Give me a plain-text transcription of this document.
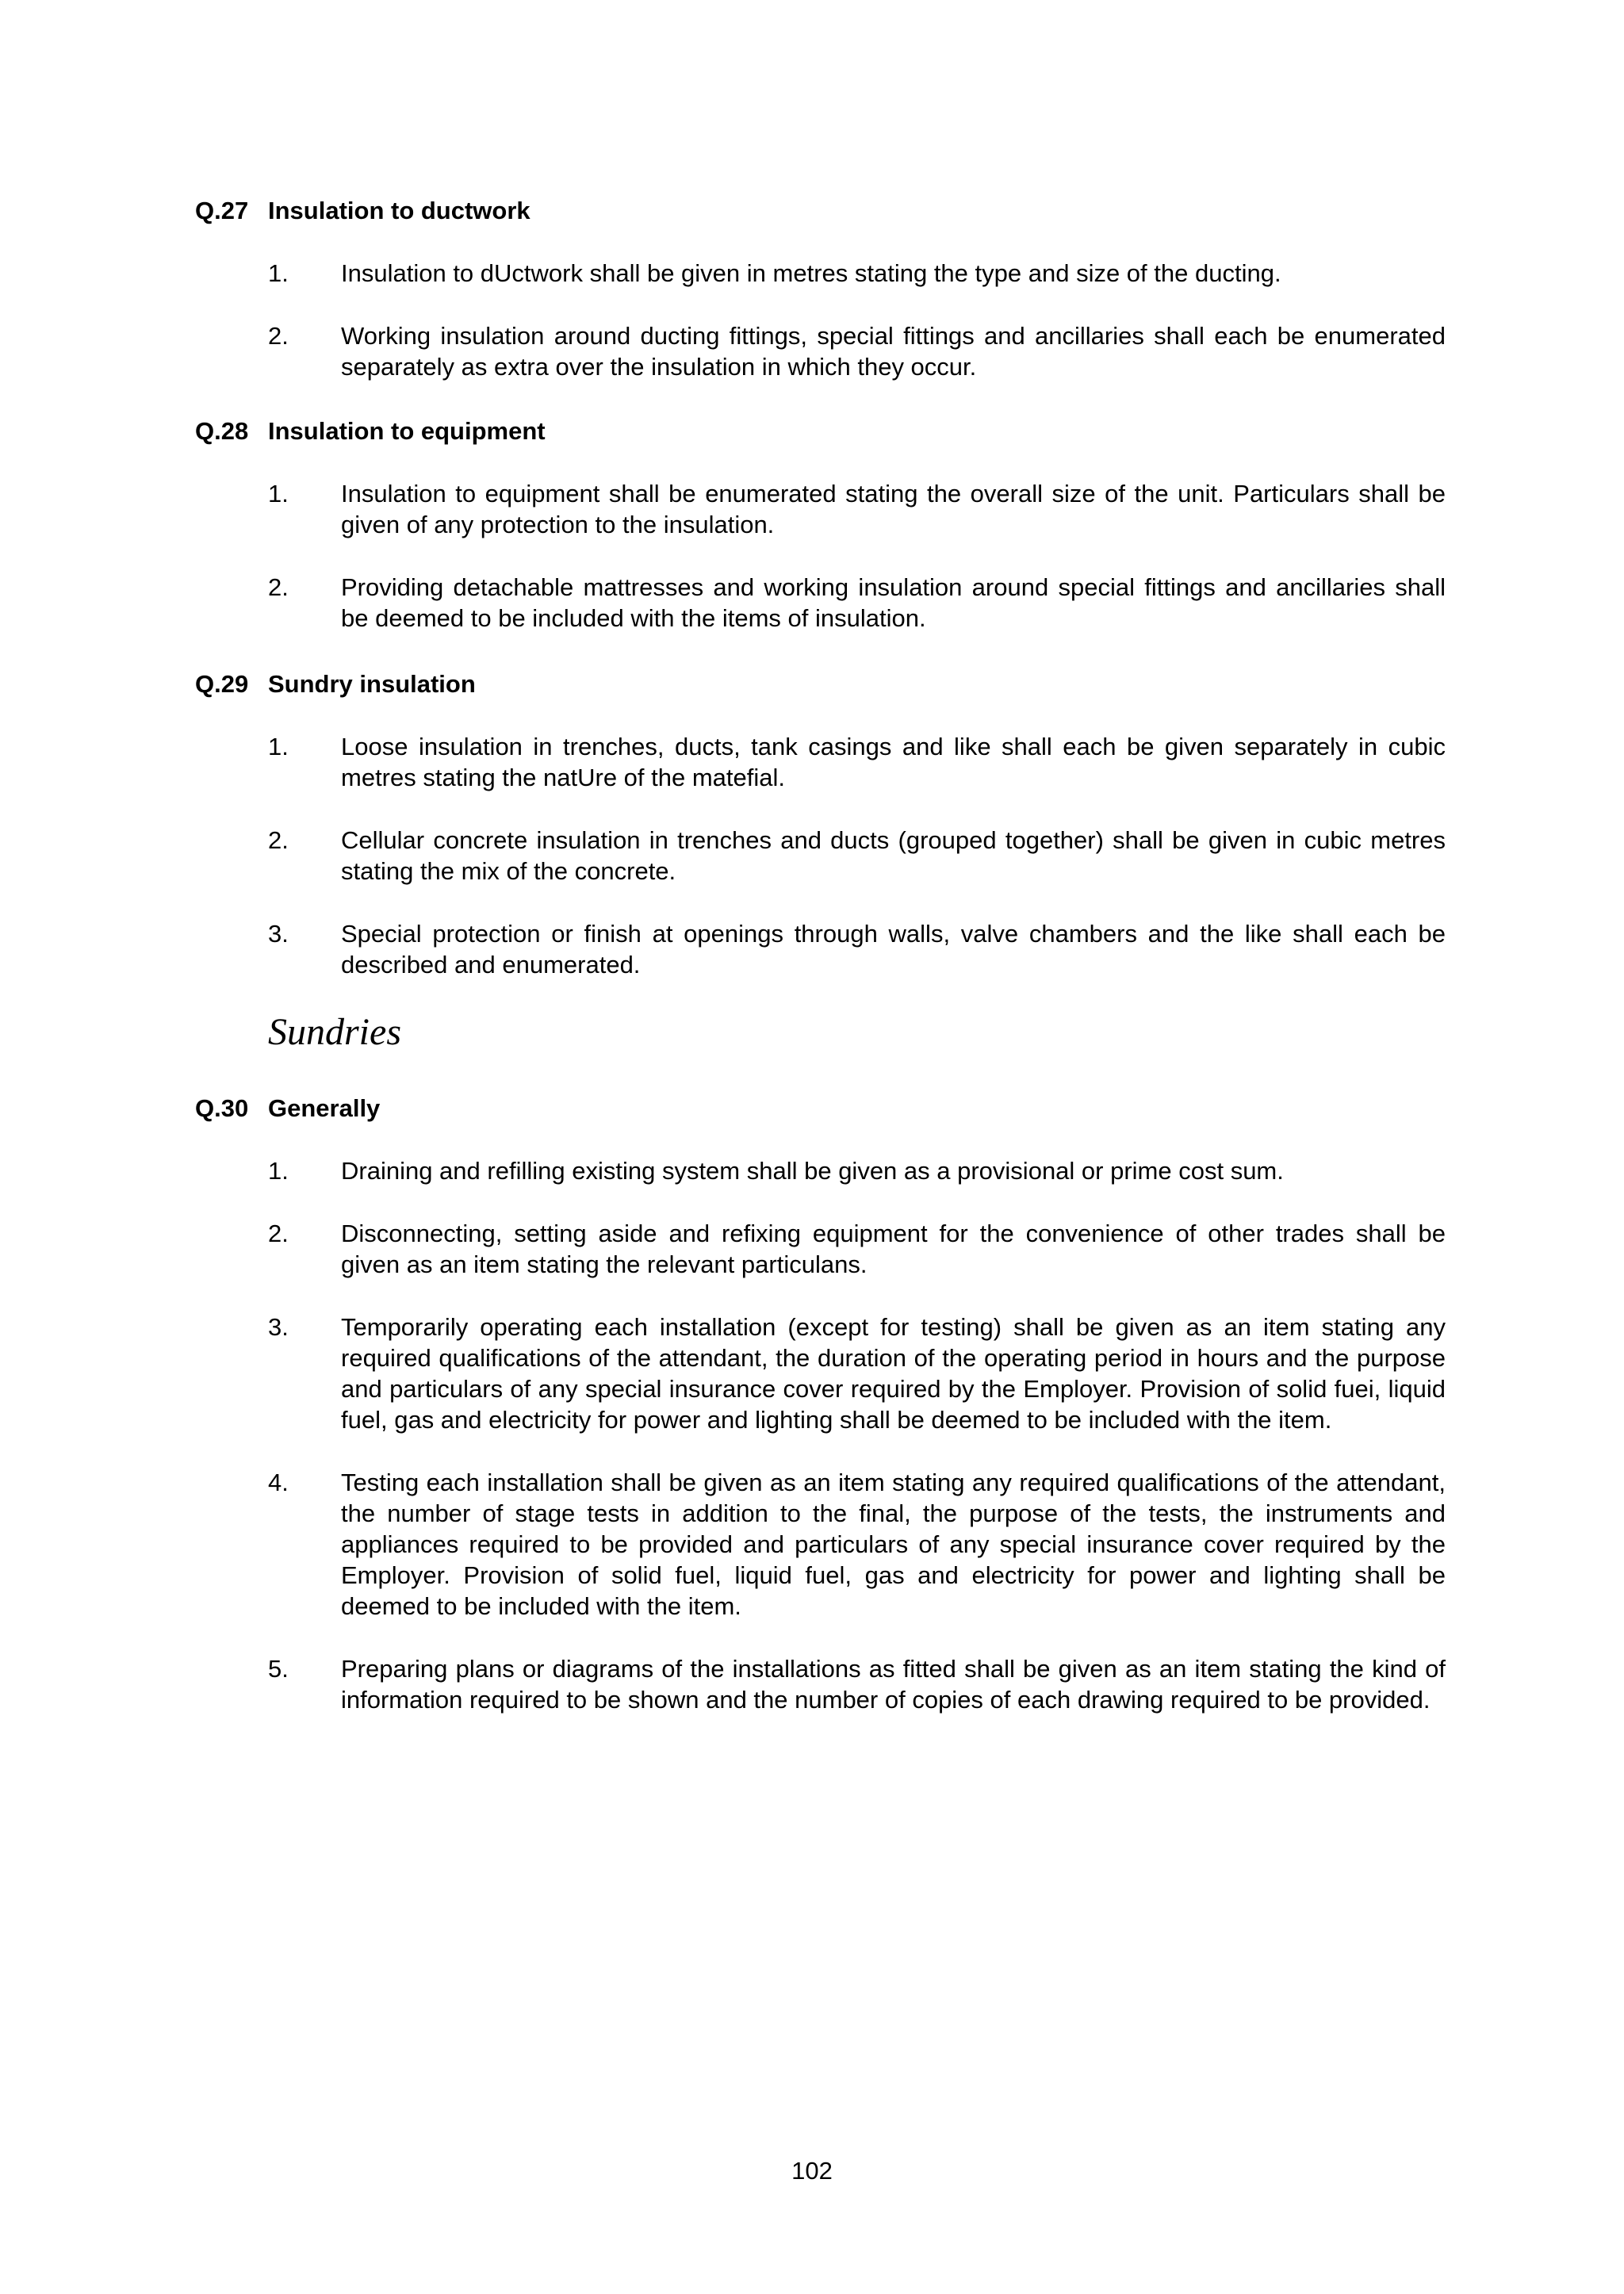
Q.27 Insulation to ductwork
1.	Insulation to dUctwork shall be given in metres stating the type and size of the ducting.
2.	Working insulation around ducting fittings, special fittings and ancillaries shall each be enumerated separately as extra over the insulation in which they occur.
Q.28 Insulation to equipment
1.	Insulation to equipment shall be enumerated stating the overall size of the unit. Particulars shall be given of any protection to the insulation.
2.	Providing detachable mattresses and working insulation around special fittings and ancillaries shall be deemed to be included with the items of insulation.
Q.29 Sundry insulation
1.	Loose insulation in trenches, ducts, tank casings and like shall each be given separately in cubic metres stating the natUre of the matefial.
2.	Cellular concrete insulation in trenches and ducts (grouped together) shall be given in cubic metres stating the mix of the concrete.
3.	Special protection or finish at openings through walls, valve chambers and the like shall each be described and enumerated.
Sundries
Q.30 Generally
1.	Draining and refilling existing system shall be given as a provisional or prime cost sum.
2.	Disconnecting, setting aside and refixing equipment for the convenience of other trades shall be given as an item stating the relevant particulans.
3.	Temporarily operating each installation (except for testing) shall be given as an item stating any required qualifications of the attendant, the duration of the operating period in hours and the purpose and particulars of any special insurance cover required by the Employer. Provision of solid fuei, liquid fuel, gas and electricity for power and lighting shall be deemed to be included with the item.
4.	Testing each installation shall be given as an item stating any required qualifications of the attendant, the number of stage tests in addition to the final, the purpose of the tests, the instruments and appliances required to be provided and particulars of any special insurance cover required by the Employer. Provision of solid fuel, liquid fuel, gas and electricity for power and lighting shall be deemed to be included with the item.
5.	Preparing plans or diagrams of the installations as fitted shall be given as an item stating the kind of information required to be shown and the number of copies of each drawing required to be provided.
102
